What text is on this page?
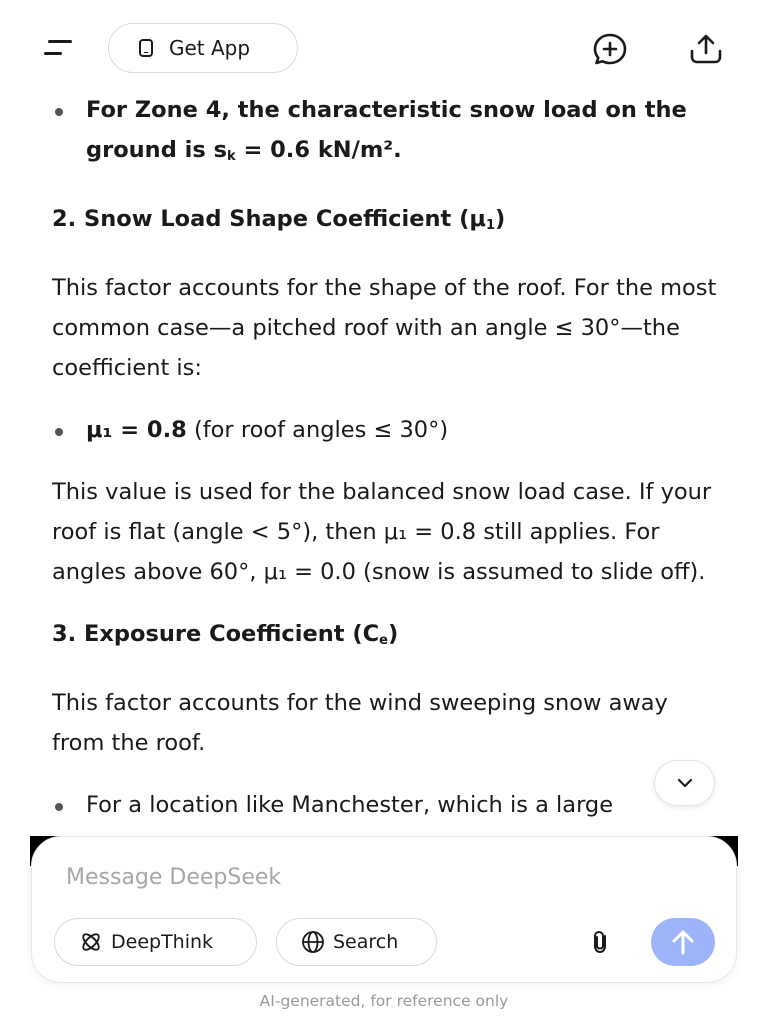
Get App
For Zone 4, the characteristic snow load on the ground is $s_k = 0.6$ kN/m².
2. Snow Load Shape Coefficient $(\mu_1)$

This factor accounts for the shape of the roof. For the most common case—a pitched roof with an angle ≤ 30°—the coefficient is:

μ₁ = 0.8 (for roof angles ≤ 30°)

This value is used for the balanced snow load case. If your roof is flat (angle < 5°), then μ₁ = 0.8 still applies. For angles above 60°, μ₁ = 0.0 (snow is assumed to slide off).

3. Exposure Coefficient $(C_e)$

This factor accounts for the wind sweeping snow away from the roof.

For a location like Manchester, which is a large
Message DeepSeek
DeepThink	Search
AI-generated, for reference only
